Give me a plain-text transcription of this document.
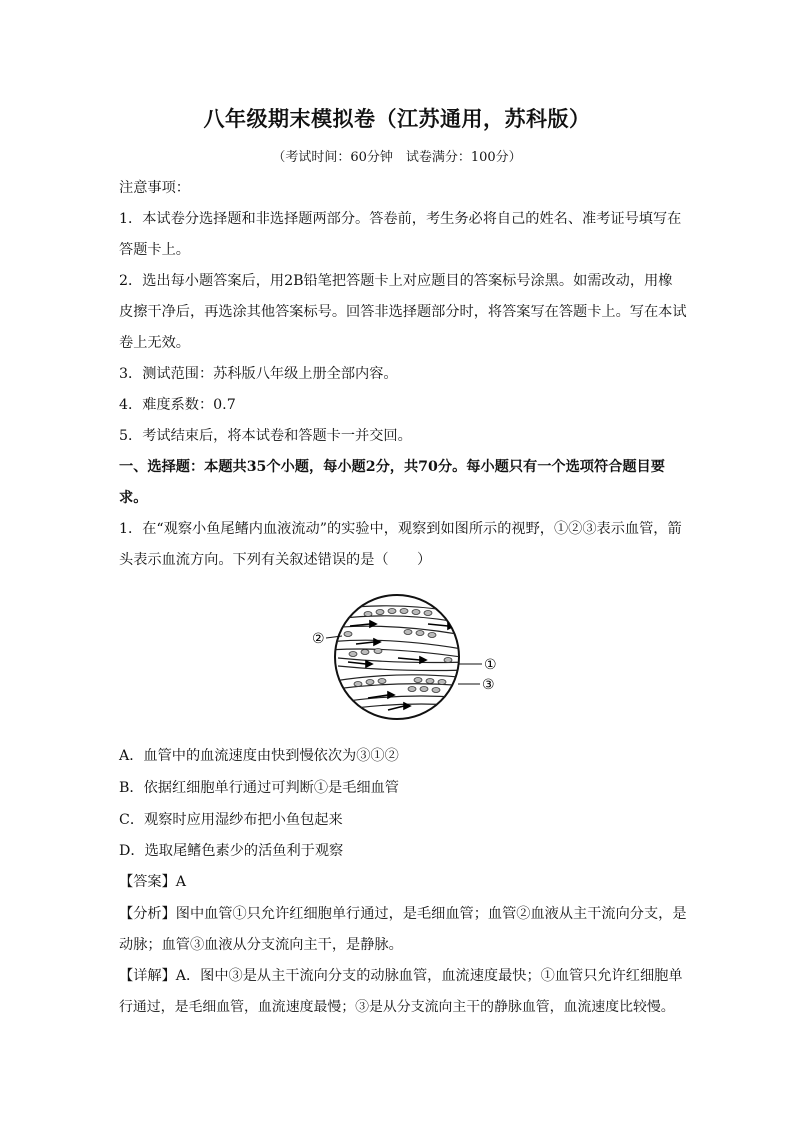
八年级期末模拟卷（江苏通用，苏科版）
（考试时间：60分钟　试卷满分：100分）
注意事项：
1．本试卷分选择题和非选择题两部分。答卷前，考生务必将自己的姓名、准考证号填写在
答题卡上。
2．选出每小题答案后，用2B铅笔把答题卡上对应题目的答案标号涂黑。如需改动，用橡
皮擦干净后，再选涂其他答案标号。回答非选择题部分时，将答案写在答题卡上。写在本试
卷上无效。
3．测试范围：苏科版八年级上册全部内容。
4．难度系数：0.7
5．考试结束后，将本试卷和答题卡一并交回。
一、选择题：本题共35个小题，每小题2分，共70分。每小题只有一个选项符合题目要
求。
1．在“观察小鱼尾鳍内血液流动”的实验中，观察到如图所示的视野，①②③表示血管，箭
头表示血流方向。下列有关叙述错误的是（　　）
②
①
③
A．血管中的血流速度由快到慢依次为③①②
B．依据红细胞单行通过可判断①是毛细血管
C．观察时应用湿纱布把小鱼包起来
D．选取尾鳍色素少的活鱼利于观察
【答案】A
【分析】图中血管①只允许红细胞单行通过，是毛细血管；血管②血液从主干流向分支，是
动脉；血管③血液从分支流向主干，是静脉。
【详解】A．图中③是从主干流向分支的动脉血管，血流速度最快；①血管只允许红细胞单
行通过，是毛细血管，血流速度最慢；③是从分支流向主干的静脉血管，血流速度比较慢。
